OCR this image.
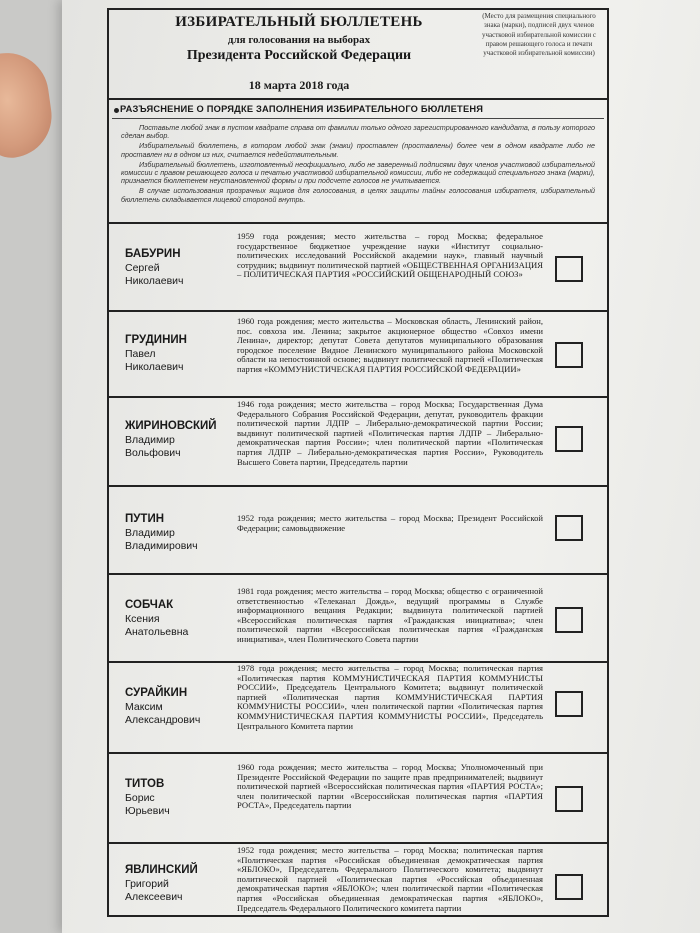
ИЗБИРАТЕЛЬНЫЙ БЮЛЛЕТЕНЬ
для голосования на выборах
Президента Российской Федерации
18 марта 2018 года
(Место для размещения специального знака (марки), подписей двух членов участковой избирательной комиссии с правом решающего голоса и печати участковой избирательной комиссии)
РАЗЪЯСНЕНИЕ О ПОРЯДКЕ ЗАПОЛНЕНИЯ ИЗБИРАТЕЛЬНОГО БЮЛЛЕТЕНЯ

Поставьте любой знак в пустом квадрате справа от фамилии только одного зарегистрированного кандидата, в пользу которого сделан выбор.

Избирательный бюллетень, в котором любой знак (знаки) проставлен (проставлены) более чем в одном квадрате либо не проставлен ни в одном из них, считается недействительным.

Избирательный бюллетень, изготовленный неофициально, либо не заверенный подписями двух членов участковой избирательной комиссии с правом решающего голоса и печатью участковой избирательной комиссии, либо не содержащий специального знака (марки), признается бюллетенем неустановленной формы и при подсчете голосов не учитывается.

В случае использования прозрачных ящиков для голосования, в целях защиты тайны голосования избирателя, избирательный бюллетень складывается лицевой стороной внутрь.

БАБУРИН
Сергей
Николаевич
1959 года рождения; место жительства – город Москва; федеральное государственное бюджетное учреждение науки «Институт социально-политических исследований Российской академии наук», главный научный сотрудник; выдвинут политической партией «ОБЩЕСТВЕННАЯ ОРГАНИЗАЦИЯ – ПОЛИТИЧЕСКАЯ ПАРТИЯ «РОССИЙСКИЙ ОБЩЕНАРОДНЫЙ СОЮЗ»
ГРУДИНИН
Павел
Николаевич
1960 года рождения; место жительства – Московская область, Ленинский район, пос. совхоза им. Ленина; закрытое акционерное общество «Совхоз имени Ленина», директор; депутат Совета депутатов муниципального образования городское поселение Видное Ленинского муниципального района Московской области на непостоянной основе; выдвинут политической партией «Политическая партия «КОММУНИСТИЧЕСКАЯ ПАРТИЯ РОССИЙСКОЙ ФЕДЕРАЦИИ»
ЖИРИНОВСКИЙ
Владимир
Вольфович
1946 года рождения; место жительства – город Москва; Государственная Дума Федерального Собрания Российской Федерации, депутат, руководитель фракции политической партии ЛДПР – Либерально-демократической партии России; выдвинут политической партией «Политическая партия ЛДПР – Либерально-демократическая партия России»; член политической партии «Политическая партия ЛДПР – Либерально-демократическая партия России», Руководитель Высшего Совета партии, Председатель партии
ПУТИН
Владимир
Владимирович
1952 года рождения; место жительства – город Москва; Президент Российской Федерации; самовыдвижение
СОБЧАК
Ксения
Анатольевна
1981 года рождения; место жительства – город Москва; общество с ограниченной ответственностью «Телеканал Дождь», ведущий программы в Службе информационного вещания Редакции; выдвинута политической партией «Всероссийская политическая партия «Гражданская инициатива»; член политической партии «Всероссийская политическая партия «Гражданская инициатива», член Политического Совета партии
СУРАЙКИН
Максим
Александрович
1978 года рождения; место жительства – город Москва; политическая партия «Политическая партия КОММУНИСТИЧЕСКАЯ ПАРТИЯ КОММУНИСТЫ РОССИИ», Председатель Центрального Комитета; выдвинут политической партией «Политическая партия КОММУНИСТИЧЕСКАЯ ПАРТИЯ КОММУНИСТЫ РОССИИ», член политической партии «Политическая партия КОММУНИСТИЧЕСКАЯ ПАРТИЯ КОММУНИСТЫ РОССИИ», Председатель Центрального Комитета партии
ТИТОВ
Борис
Юрьевич
1960 года рождения; место жительства – город Москва; Уполномоченный при Президенте Российской Федерации по защите прав предпринимателей; выдвинут политической партией «Всероссийская политическая партия «ПАРТИЯ РОСТА»; член политической партии «Всероссийская политическая партия «ПАРТИЯ РОСТА», Председатель партии
ЯВЛИНСКИЙ
Григорий
Алексеевич
1952 года рождения; место жительства – город Москва; политическая партия «Политическая партия «Российская объединенная демократическая партия «ЯБЛОКО», Председатель Федерального Политического комитета; выдвинут политической партией «Политическая партия «Российская объединенная демократическая партия «ЯБЛОКО»; член политической партии «Политическая партия «Российская объединенная демократическая партия «ЯБЛОКО», Председатель Федерального Политического комитета партии
